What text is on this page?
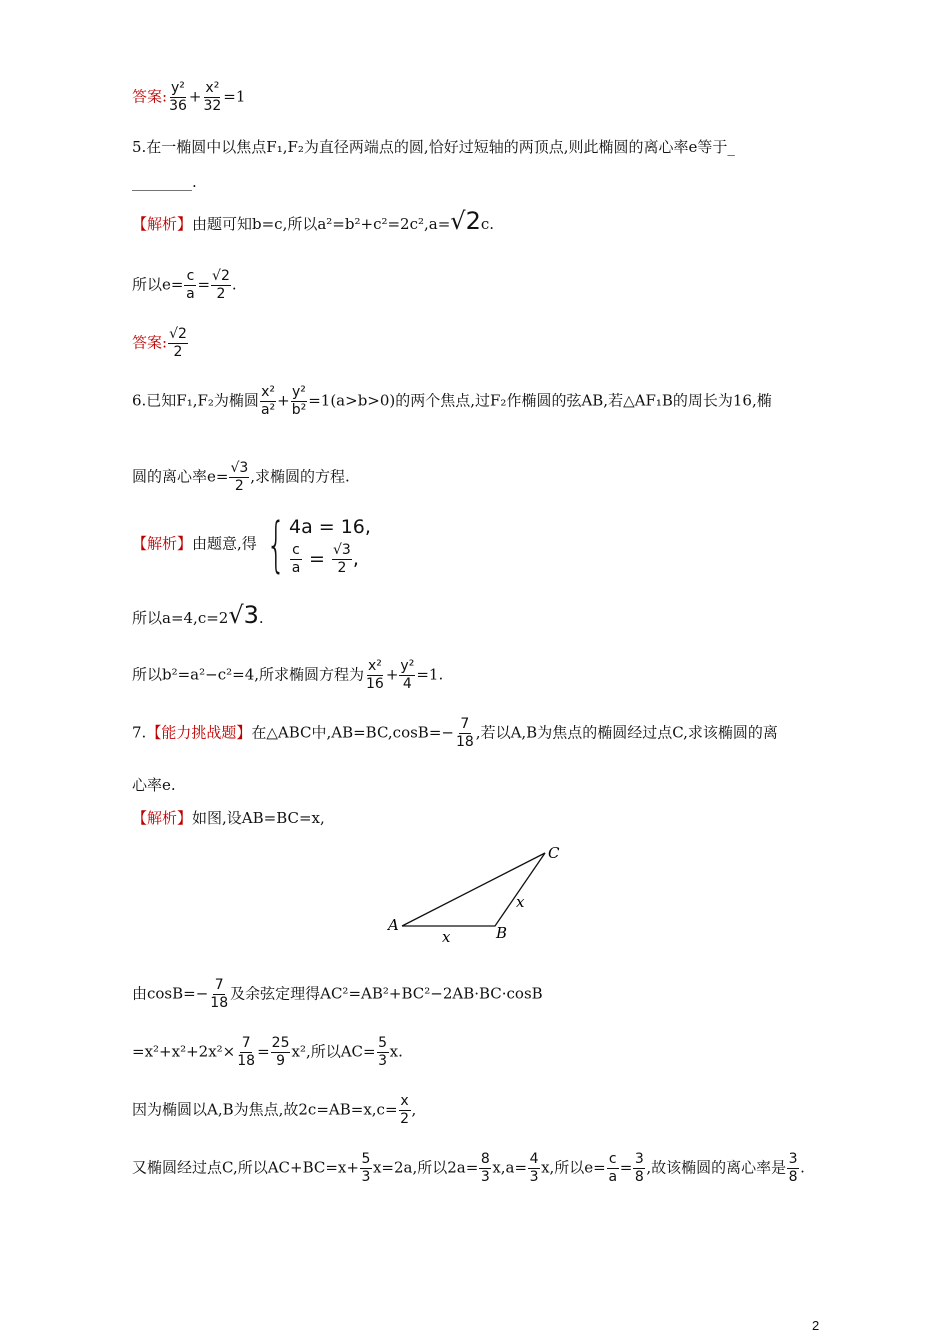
答案: $\frac{\text{y²}}{36} + \frac{\text{x²}}{32} =1$
5.在一椭圆中以焦点F₁,F₂为直径两端点的圆,恰好过短轴的两顶点,则此椭圆的离心率e等于_
________.
【解析】由题可知b=c,所以a²=b²+c²=2c²,a=√2c.
所以$e= \frac{c}{a} = \frac{√2}{2}$ .
答案: $\frac{√2}{2}$
6.已知F₁,F₂为椭圆 $\frac{\text{x²}}{\text{a²}} + \frac{\text{y²}}{\text{b²}} =1(a>b>0)$的两个焦点,过F₂作椭圆的弦AB,若△AF₁B的周长为16,椭
圆的离心率$e= \frac{√3}{2}$ ,求椭圆的方程.
【解析】由题意,得 { 4a = 16,
$\frac{c}{a} = \frac{√3}{2}$ ,
所以a=4,c=2√3.
所以b²=a²−c²=4,所求椭圆方程为 $\frac{\text{x²}}{16} + \frac{\text{y²}}{4} =1$.
7.【能力挑战题】在△ABC中$,AB=BC,\cos B=- \frac{7}{18}$ ,若以A,B为焦点的椭圆经过点C,求该椭圆的离
心率e.
【解析】如图,设AB=BC=x,
A	B
C
x
x
由$\cos B=- \frac{7}{18}$ 及余弦定理得AC²=AB²+BC²−2AB·BC·cosB
$=x^2+x^2+2x^2\times \frac{7}{18} = \frac{25}{9} x^2$,所以$AC= \frac{5}{3} x$.
因为椭圆以A,B为焦点,故$2c=AB=x,c= \frac{x}{2}$ ,
又椭圆经过点C,所以$AC+BC=x+ \frac{5}{3} x=2a$,所以$2a= \frac{8}{3} x,a= \frac{4}{3} x$,所以$e= \frac{c}{a} = \frac{3}{8}$ ,故该椭圆的离心率是 $\frac{3}{8}$ .
2
